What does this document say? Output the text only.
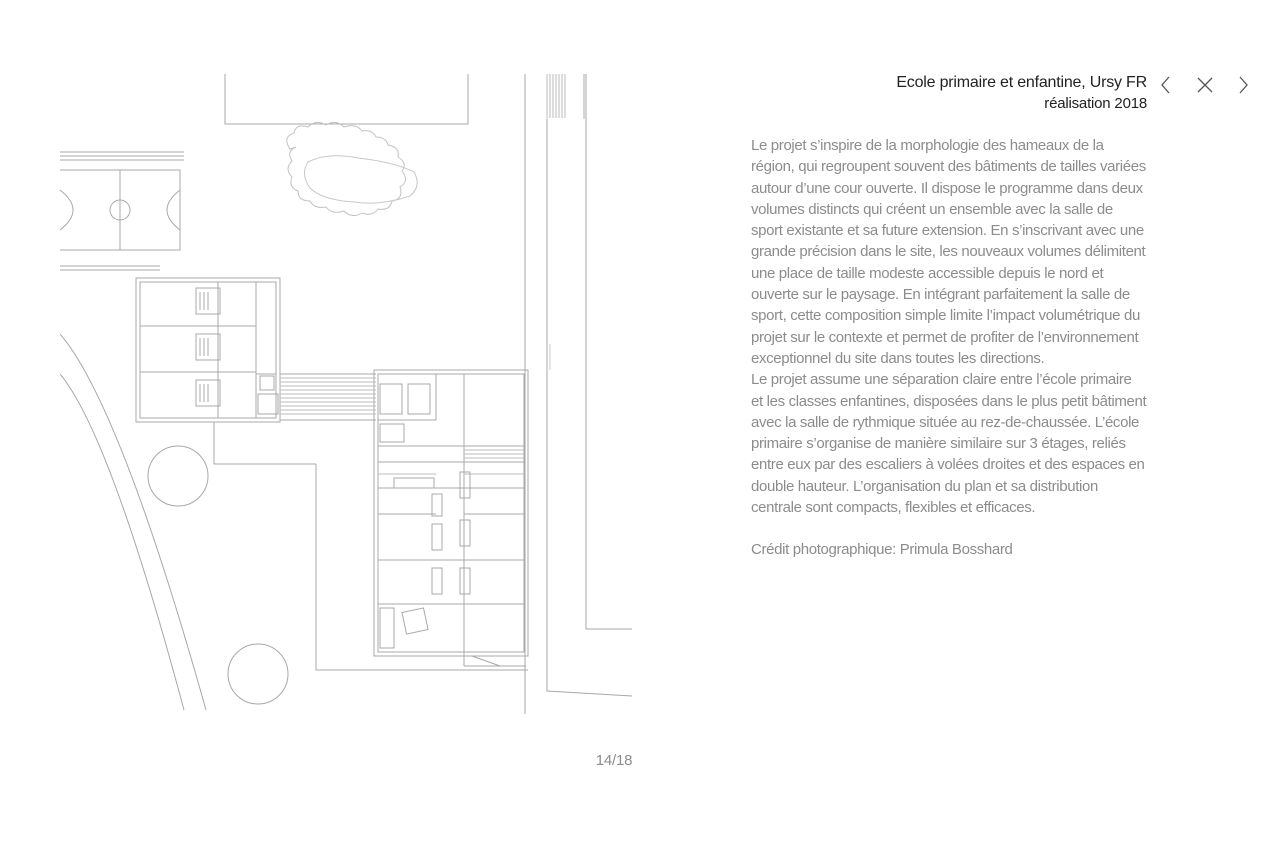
Ecole primaire et enfantine, Ursy FR
réalisation 2018

Le projet s’inspire de la morphologie des hameaux de la région, qui regroupent souvent des bâtiments de tailles variées autour d’une cour ouverte. Il dispose le programme dans deux volumes distincts qui créent un ensemble avec la salle de sport existante et sa future extension. En s’inscrivant avec une grande précision dans le site, les nouveaux volumes délimitent une place de taille modeste accessible depuis le nord et ouverte sur le paysage. En intégrant parfaitement la salle de sport, cette composition simple limite l’impact volumétrique du projet sur le contexte et permet de profiter de l’environnement exceptionnel du site dans toutes les directions.

Le projet assume une séparation claire entre l’école primaire et les classes enfantines, disposées dans le plus petit bâtiment avec la salle de rythmique située au rez-de-chaussée. L’école primaire s’organise de manière similaire sur 3 étages, reliés entre eux par des escaliers à volées droites et des espaces en double hauteur. L’organisation du plan et sa distribution centrale sont compacts, flexibles et efficaces.

Crédit photographique: Primula Bosshard
14/18
